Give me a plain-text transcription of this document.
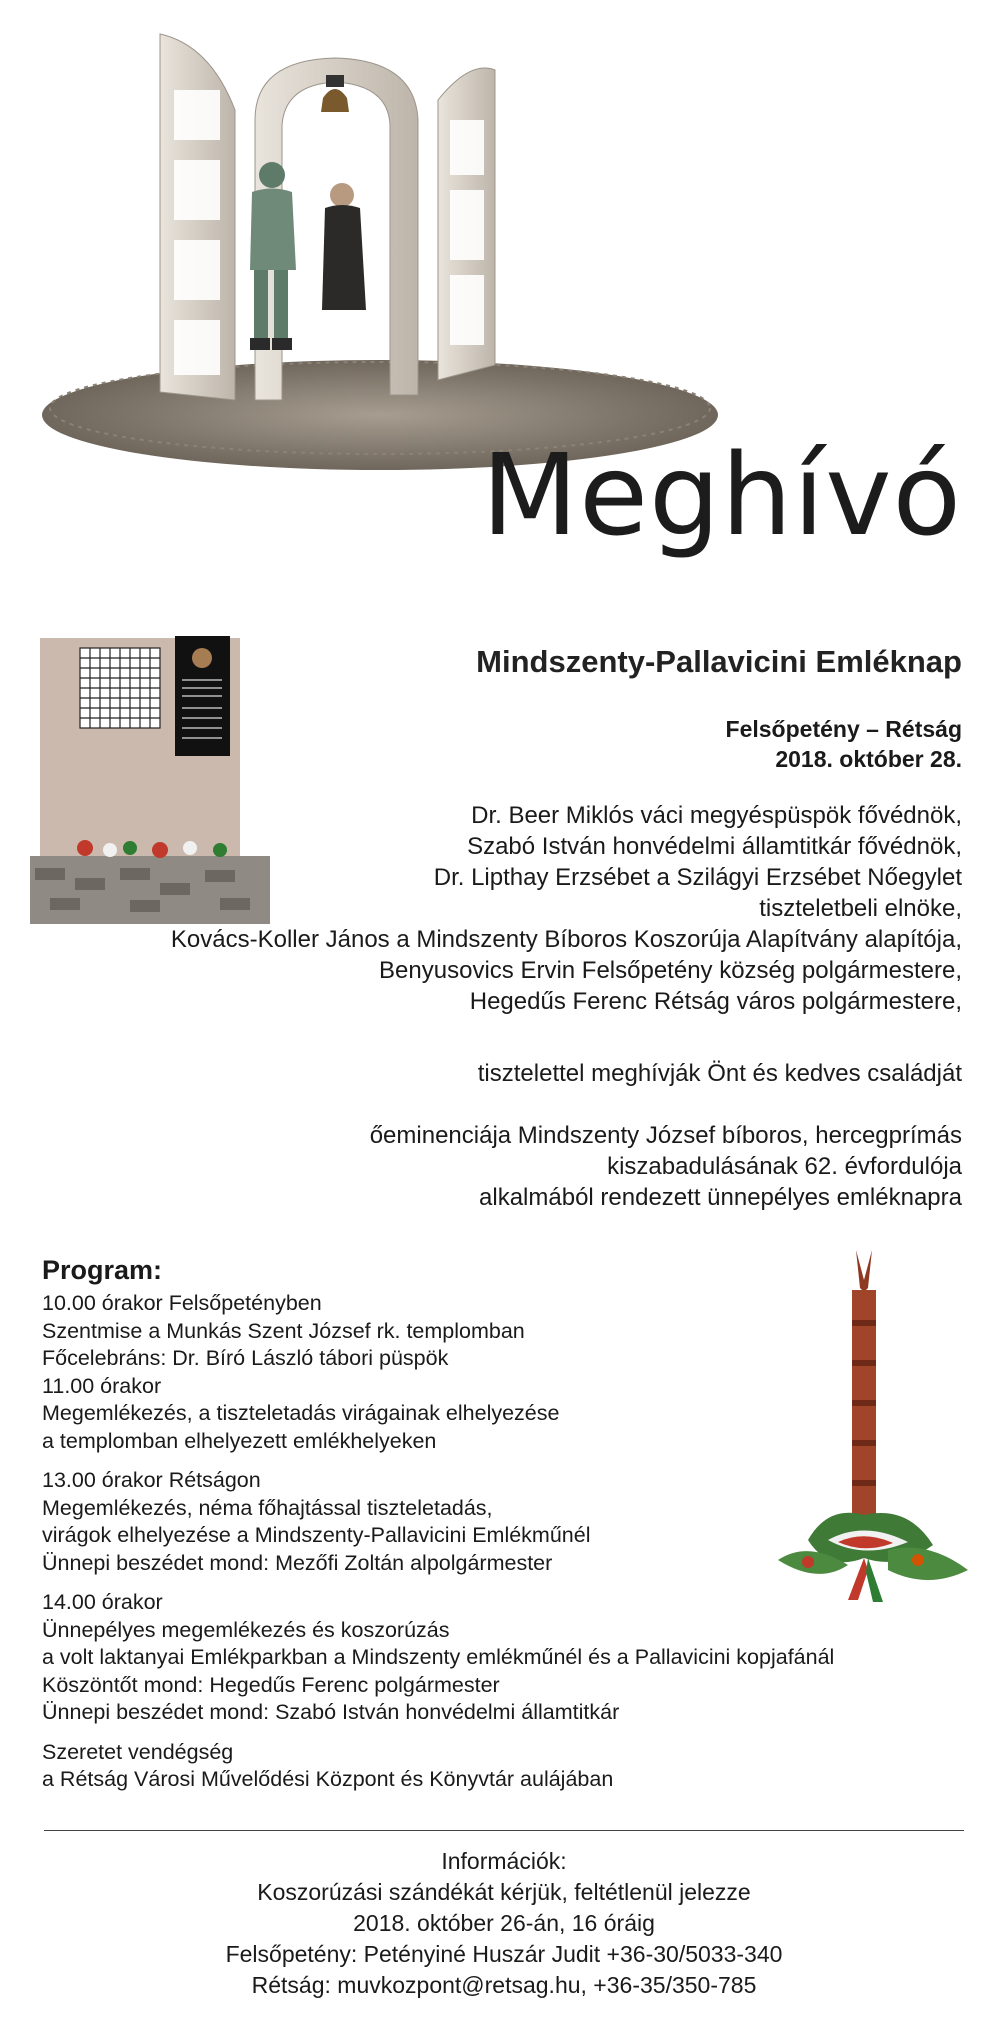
Meghívó
Mindszenty-Pallavicini Emléknap
Felsőpetény – Rétság
2018. október 28.
Dr. Beer Miklós váci megyéspüspök fővédnök,
Szabó István honvédelmi államtitkár fővédnök,
Dr. Lipthay Erzsébet a Szilágyi Erzsébet Nőegylet
tiszteletbeli elnöke,
Kovács-Koller János a Mindszenty Bíboros Koszorúja Alapítvány alapítója,
Benyusovics Ervin Felsőpetény község polgármestere,
Hegedűs Ferenc Rétság város polgármestere,
tisztelettel meghívják Önt és kedves családját
őeminenciája Mindszenty József bíboros, hercegprímás
kiszabadulásának 62. évfordulója
alkalmából rendezett ünnepélyes emléknapra
Program:
10.00 órakor Felsőpetényben
Szentmise a Munkás Szent József rk. templomban
Főcelebráns: Dr. Bíró László tábori püspök
11.00 órakor
Megemlékezés, a tiszteletadás virágainak elhelyezése
a templomban elhelyezett emlékhelyeken
13.00 órakor Rétságon
Megemlékezés, néma főhajtással tiszteletadás,
virágok elhelyezése a Mindszenty-Pallavicini Emlékműnél
Ünnepi beszédet mond: Mezőfi Zoltán alpolgármester
14.00 órakor
Ünnepélyes megemlékezés és koszorúzás
a volt laktanyai Emlékparkban a Mindszenty emlékműnél és a Pallavicini kopjafánál
Köszöntőt mond: Hegedűs Ferenc polgármester
Ünnepi beszédet mond: Szabó István honvédelmi államtitkár
Szeretet vendégség
a Rétság Városi Művelődési Központ és Könyvtár aulájában
Információk:
Koszorúzási szándékát kérjük, feltétlenül jelezze
2018. október 26-án, 16 óráig
Felsőpetény: Petényiné Huszár Judit +36-30/5033-340
Rétság: muvkozpont@retsag.hu, +36-35/350-785
